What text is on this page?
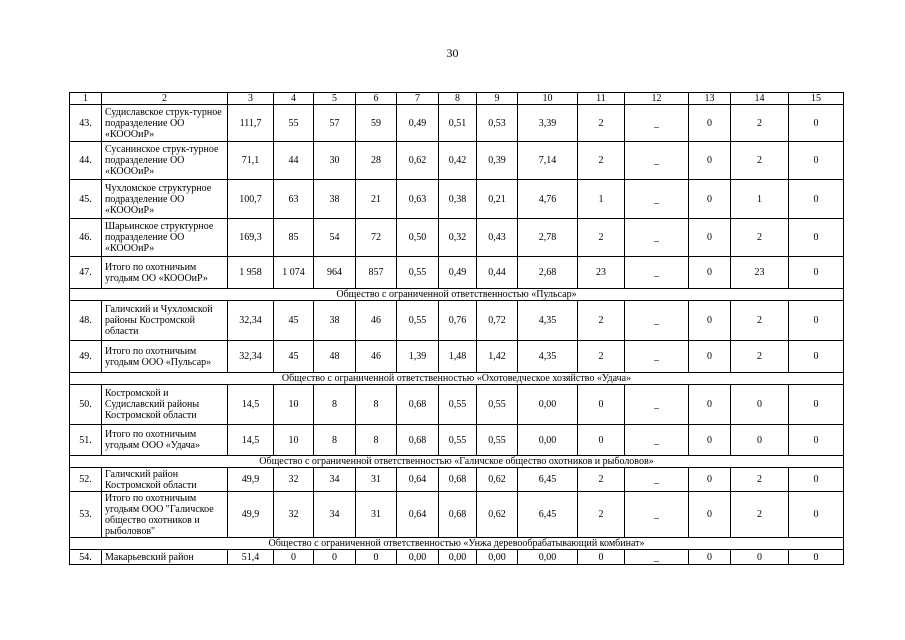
30
1	2	3	4	5	6	7	8	9	10	11	12	13	14	15
43.	Судиславское струк-турное подразделение ОО «КОООиР»	111,7	55	57	59	0,49	0,51	0,53	3,39	2	_	0	2	0
44.	Сусанинское струк-турное подразделение ОО «КОООиР»	71,1	44	30	28	0,62	0,42	0,39	7,14	2	_	0	2	0
45.	Чухломское структурное подразделение ОО «КОООиР»	100,7	63	38	21	0,63	0,38	0,21	4,76	1	_	0	1	0
46.	Шарьинское структурное подразделение ОО «КОООиР»	169,3	85	54	72	0,50	0,32	0,43	2,78	2	_	0	2	0
47.	Итого по охотничьим угодьям ОО «КОООиР»	1 958	1 074	964	857	0,55	0,49	0,44	2,68	23	_	0	23	0
Общество с ограниченной ответственностью «Пульсар»														
48.	Галичский и Чухломской районы Костромской области	32,34	45	38	46	0,55	0,76	0,72	4,35	2	_	0	2	0
49.	Итого по охотничьим угодьям ООО «Пульсар»	32,34	45	48	46	1,39	1,48	1,42	4,35	2	_	0	2	0
Общество с ограниченной ответственностью «Охотоведческое хозяйство «Удача»														
50.	Костромской и Судиславский районы Костромской области	14,5	10	8	8	0,68	0,55	0,55	0,00	0	_	0	0	0
51.	Итого по охотничьим угодьям ООО «Удача»	14,5	10	8	8	0,68	0,55	0,55	0,00	0	_	0	0	0
Общество с ограниченной ответственностью «Галичское общество охотников и рыболовов»														
52.	Галичский район Костромской области	49,9	32	34	31	0,64	0,68	0,62	6,45	2	_	0	2	0
53.	Итого по охотничьим угодьям ООО "Галичское общество охотников и рыболовов"	49,9	32	34	31	0,64	0,68	0,62	6,45	2	_	0	2	0
Общество с ограниченной ответственностью «Унжа деревообрабатывающий комбинат»														
54.	Макарьевский район	51,4	0	0	0	0,00	0,00	0,00	0,00	0	_	0	0	0
